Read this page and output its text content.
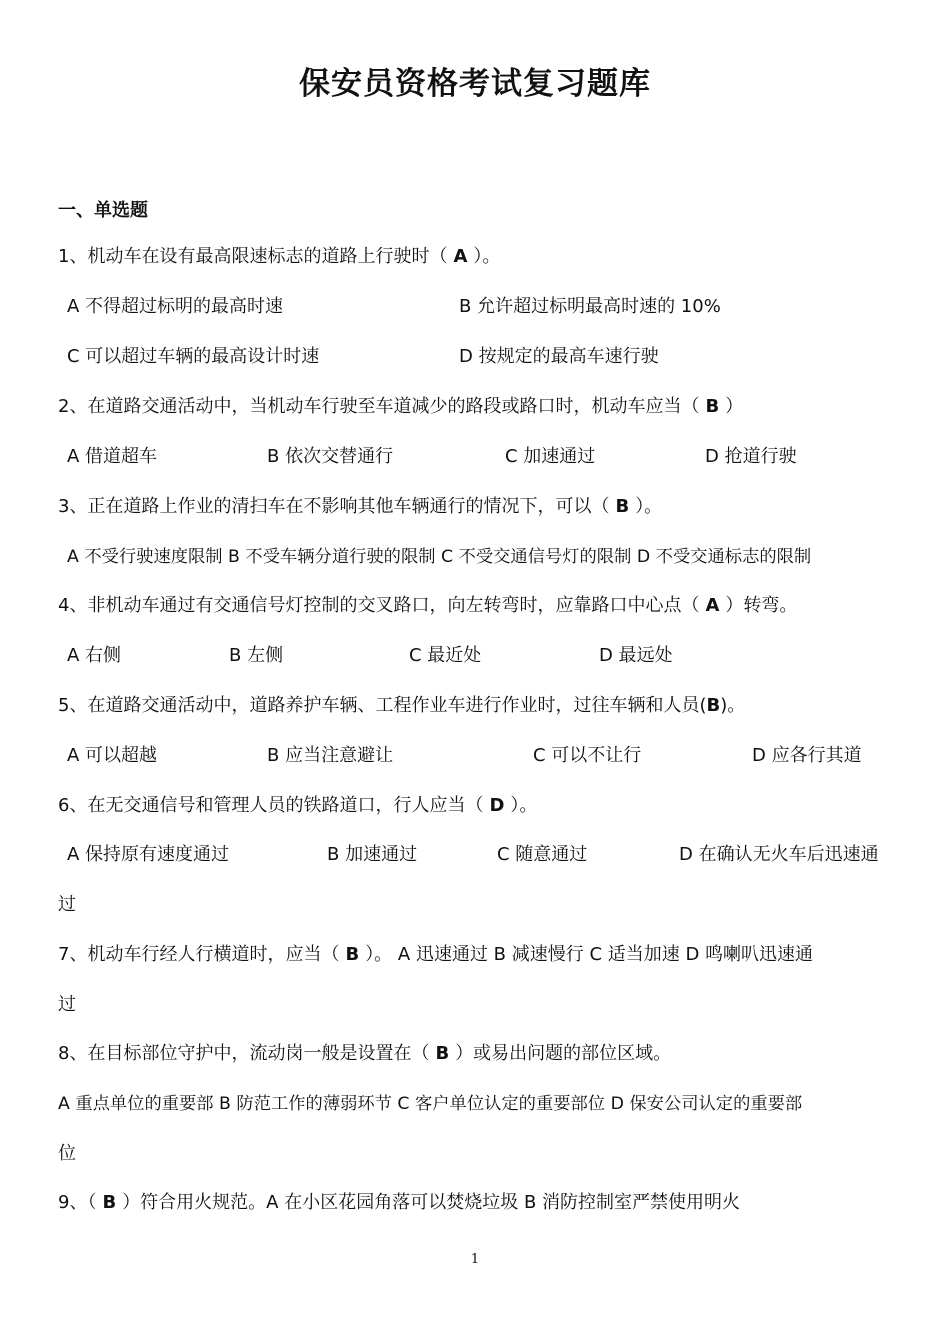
保安员资格考试复习题库
一、单选题
1、机动车在设有最高限速标志的道路上行驶时（ A ）。
A 不得超过标明的最高时速	B 允许超过标明最高时速的 10%
C 可以超过车辆的最高设计时速	D 按规定的最高车速行驶
2、在道路交通活动中，当机动车行驶至车道减少的路段或路口时，机动车应当（ B ）
A 借道超车	B 依次交替通行	C 加速通过	D 抢道行驶
3、正在道路上作业的清扫车在不影响其他车辆通行的情况下，可以（ B ）。
A 不受行驶速度限制 B 不受车辆分道行驶的限制 C 不受交通信号灯的限制 D 不受交通标志的限制
4、非机动车通过有交通信号灯控制的交叉路口，向左转弯时，应靠路口中心点（ A ）转弯。
A 右侧	B 左侧	C 最近处	D 最远处
5、在道路交通活动中，道路养护车辆、工程作业车进行作业时，过往车辆和人员(B)。
A 可以超越	B 应当注意避让	C 可以不让行	D 应各行其道
6、在无交通信号和管理人员的铁路道口，行人应当（ D ）。
A 保持原有速度通过	B 加速通过	C 随意通过	D 在确认无火车后迅速通
过
7、机动车行经人行横道时，应当（ B ）。 A 迅速通过 B 减速慢行 C 适当加速 D 鸣喇叭迅速通
过
8、在目标部位守护中，流动岗一般是设置在（ B ）或易出问题的部位区域。
A 重点单位的重要部 B 防范工作的薄弱环节 C 客户单位认定的重要部位 D 保安公司认定的重要部
位
9、（ B ）符合用火规范。A 在小区花园角落可以焚烧垃圾 B 消防控制室严禁使用明火
1
